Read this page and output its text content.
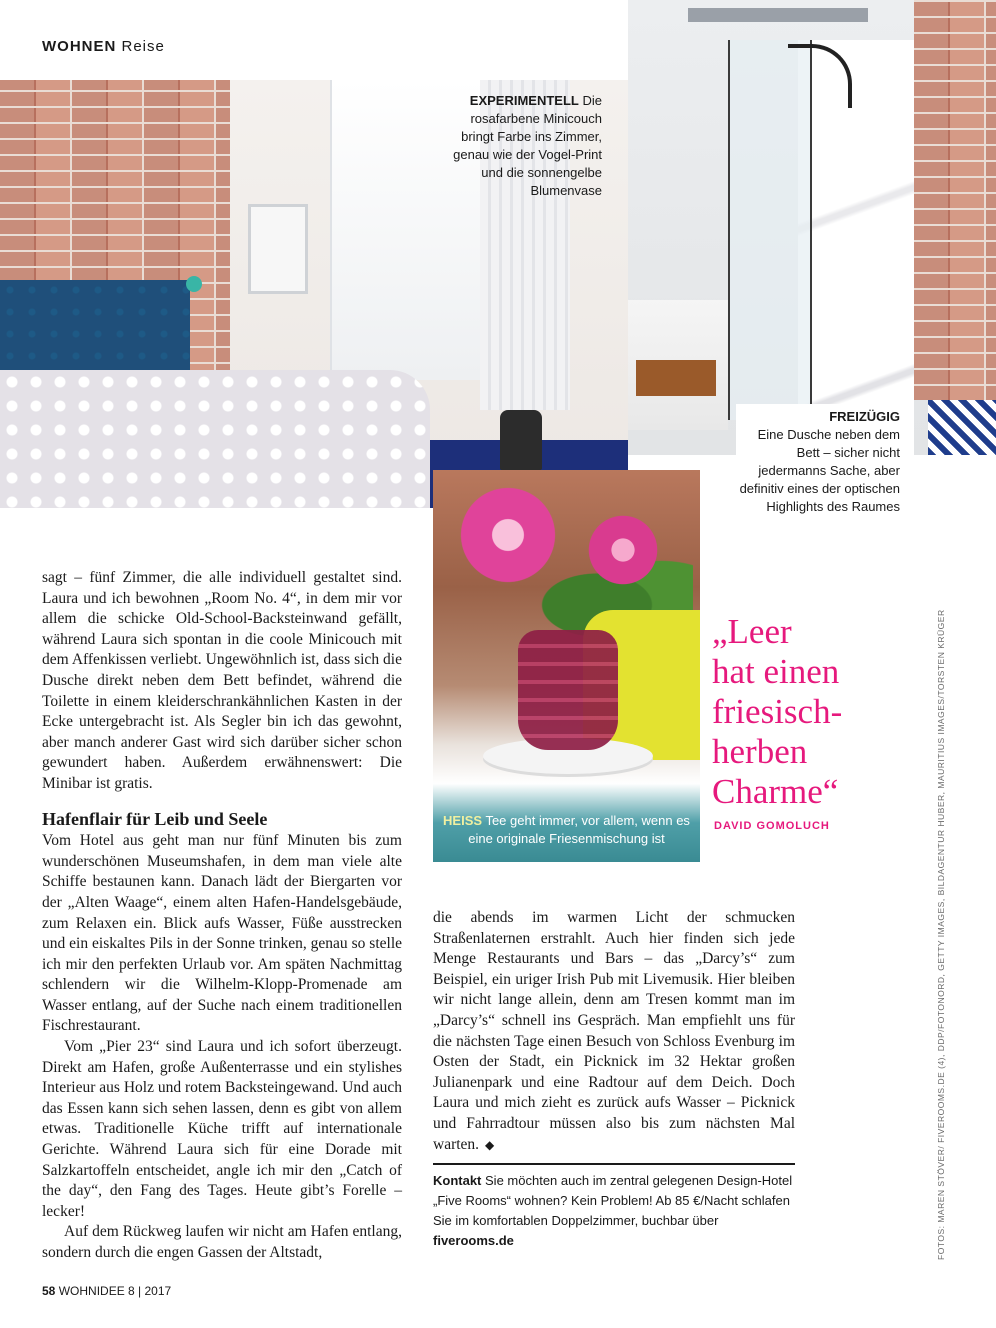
WOHNEN Reise
EXPERIMENTELL Die rosafarbene Minicouch bringt Farbe ins Zimmer, genau wie der Vogel-Print und die sonnengelbe Blumenvase
FREIZÜGIG
Eine Dusche neben dem Bett – sicher nicht jedermanns Sache, aber definitiv eines der optischen Highlights des Raumes
HEISS Tee geht immer, vor allem, wenn es eine originale Friesenmischung ist

sagt – fünf Zimmer, die alle individuell gestaltet sind. Laura und ich bewohnen „Room No. 4“, in dem mir vor allem die schicke Old-School-Backsteinwand gefällt, während Laura sich spontan in die coole Minicouch mit dem Affenkissen verliebt. Ungewöhnlich ist, dass sich die Dusche direkt neben dem Bett befindet, während die Toilette in einem kleiderschrankähnlichen Kasten in der Ecke untergebracht ist. Als Segler bin ich das gewohnt, aber manch anderer Gast wird sich darüber sicher schon gewundert haben. Außerdem erwähnenswert: Die Minibar ist gratis.

Hafenflair für Leib und Seele

Vom Hotel aus geht man nur fünf Minuten bis zum wunderschönen Museumshafen, in dem man viele alte Schiffe bestaunen kann. Danach lädt der Biergarten vor der „Alten Waage“, einem alten Hafen-Handelsgebäude, zum Relaxen ein. Blick aufs Wasser, Füße ausstrecken und ein eiskaltes Pils in der Sonne trinken, genau so stelle ich mir den perfekten Urlaub vor. Am späten Nachmittag schlendern wir die Wilhelm-Klopp-Promenade am Wasser entlang, auf der Suche nach einem traditionellen Fischrestaurant.

Vom „Pier 23“ sind Laura und ich sofort überzeugt. Direkt am Hafen, große Außenterrasse und ein stylishes Interieur aus Holz und rotem Backsteingewand. Und auch das Essen kann sich sehen lassen, denn es gibt von allem etwas. Traditionelle Küche trifft auf internationale Gerichte. Während Laura sich für eine Dorade mit Salzkartoffeln entscheidet, angle ich mir den „Catch of the day“, den Fang des Tages. Heute gibt’s Forelle – lecker!

Auf dem Rückweg laufen wir nicht am Hafen entlang, sondern durch die engen Gassen der Altstadt,

„Leer
hat einen
friesisch-
herben
Charme“
DAVID GOMOLUCH

die abends im warmen Licht der schmucken Straßenlaternen erstrahlt. Auch hier finden sich jede Menge Restaurants und Bars – das „Darcy’s“ zum Beispiel, ein uriger Irish Pub mit Livemusik. Hier bleiben wir nicht lange allein, denn am Tresen kommt man im „Darcy’s“ schnell ins Gespräch. Man empfiehlt uns für die nächsten Tage einen Besuch von Schloss Evenburg im Osten der Stadt, ein Picknick im 32 Hektar großen Julianenpark und eine Radtour auf dem Deich. Doch Laura und mich zieht es zurück aufs Wasser – Picknick und Fahrradtour müssen also bis zum nächsten Mal warten. ◆

Kontakt Sie möchten auch im zentral gelegenen Design-Hotel „Five Rooms“ wohnen? Kein Problem! Ab 85 €/Nacht schlafen Sie im komfortablen Doppelzimmer, buchbar über fiverooms.de	FOTOS: MAREN STÖVER/ FIVEROOMS.DE (4), DDP/FOTONORD, GETTY IMAGES, BILDAGENTUR HUBER, MAURITIUS IMAGES/TORSTEN KRÜGER
58 WOHNIDEE 8 | 2017
